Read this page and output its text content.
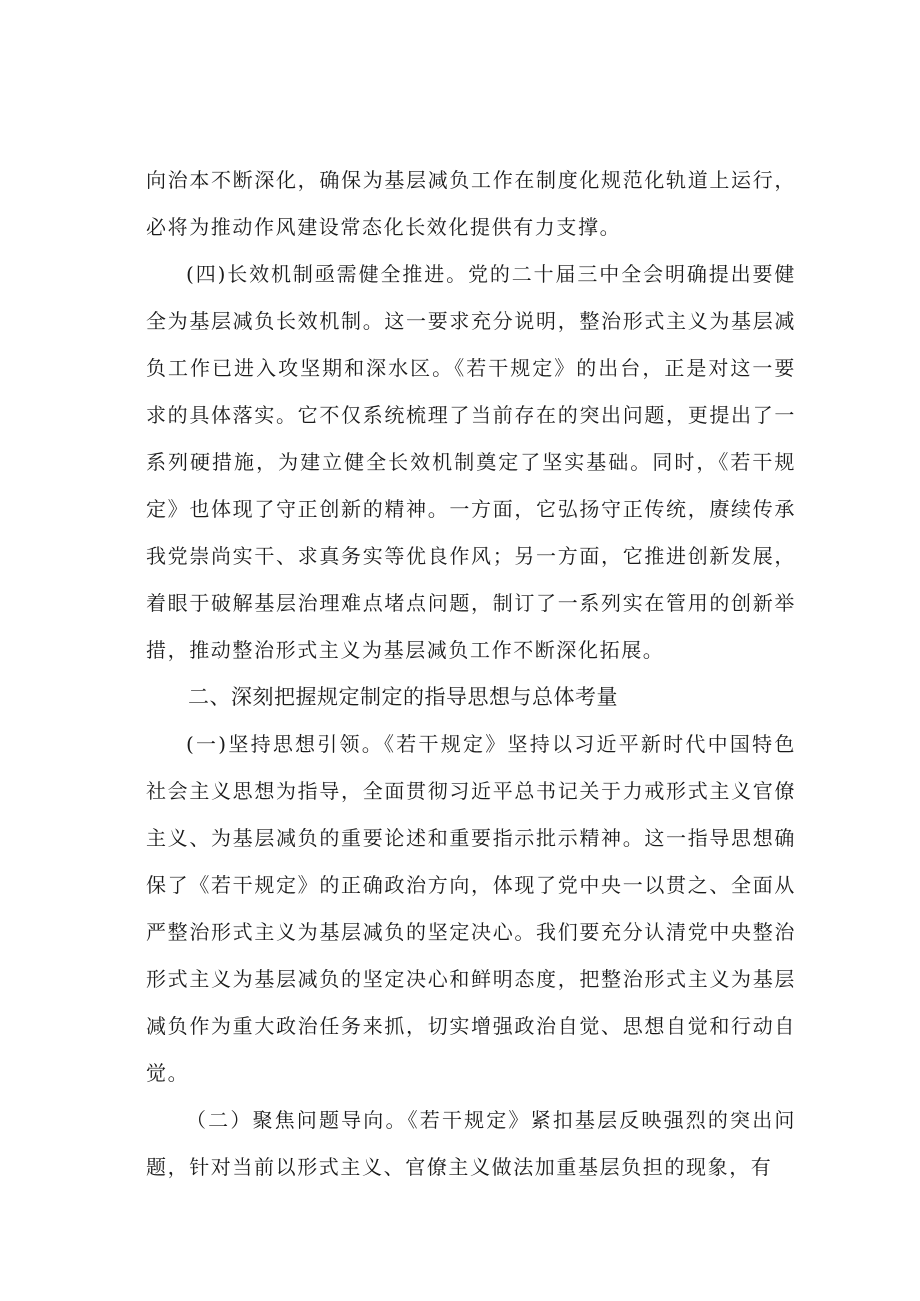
向治本不断深化，确保为基层减负工作在制度化规范化轨道上运行，必将为推动作风建设常态化长效化提供有力支撑。

(四)长效机制亟需健全推进。党的二十届三中全会明确提出要健全为基层减负长效机制。这一要求充分说明，整治形式主义为基层减负工作已进入攻坚期和深水区。《若干规定》的出台，正是对这一要求的具体落实。它不仅系统梳理了当前存在的突出问题，更提出了一系列硬措施，为建立健全长效机制奠定了坚实基础。同时，《若干规定》也体现了守正创新的精神。一方面，它弘扬守正传统，赓续传承我党崇尚实干、求真务实等优良作风；另一方面，它推进创新发展，着眼于破解基层治理难点堵点问题，制订了一系列实在管用的创新举措，推动整治形式主义为基层减负工作不断深化拓展。

二、深刻把握规定制定的指导思想与总体考量

(一)坚持思想引领。《若干规定》坚持以习近平新时代中国特色社会主义思想为指导，全面贯彻习近平总书记关于力戒形式主义官僚主义、为基层减负的重要论述和重要指示批示精神。这一指导思想确保了《若干规定》的正确政治方向，体现了党中央一以贯之、全面从严整治形式主义为基层减负的坚定决心。我们要充分认清党中央整治形式主义为基层减负的坚定决心和鲜明态度，把整治形式主义为基层减负作为重大政治任务来抓，切实增强政治自觉、思想自觉和行动自觉。

（二）聚焦问题导向。《若干规定》紧扣基层反映强烈的突出问题，针对当前以形式主义、官僚主义做法加重基层负担的现象，有
